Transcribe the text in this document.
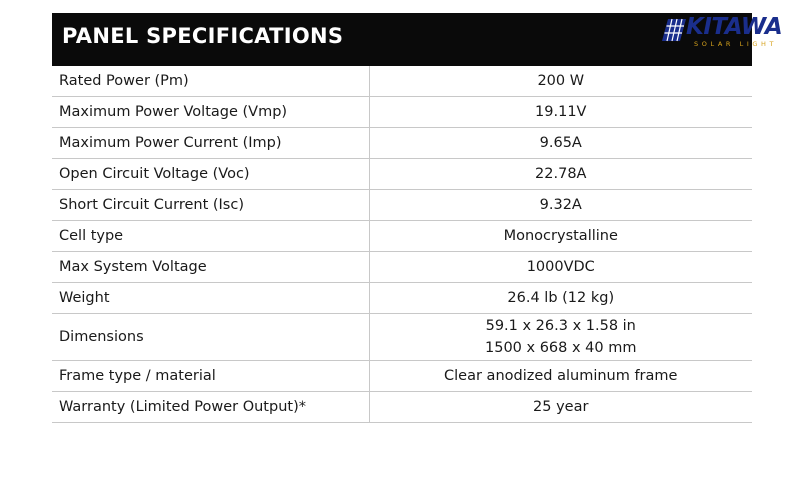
PANEL SPECIFICATIONS	KITAWA
SOLAR LIGHT
Rated Power (Pm)	200 W
Maximum Power Voltage (Vmp)	19.11V
Maximum Power Current (Imp)	9.65A
Open Circuit Voltage (Voc)	22.78A
Short Circuit Current (Isc)	9.32A
Cell type	Monocrystalline
Max System Voltage	1000VDC
Weight	26.4 lb (12 kg)
Dimensions	59.1 x 26.3 x 1.58 in
1500 x 668 x 40 mm

Frame type / material	Clear anodized aluminum frame
Warranty (Limited Power Output)*	25 year
